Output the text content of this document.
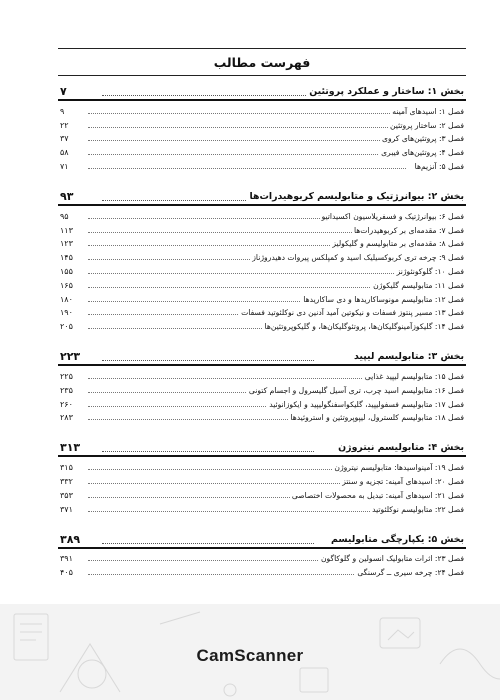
فهرست مطالب
بخش ۱: ساختار و عملکرد پروتئین
۷
فصل ۱: اسیدهای آمینه
۹
فصل ۲: ساختار پروتئین
۲۲
فصل ۳: پروتئین‌های کروی
۳۷
فصل ۴: پروتئین‌های فیبری
۵۸
فصل ۵: آنزیم‌ها
۷۱
بخش ۲: بیوانرژتیک و متابولیسم کربوهیدرات‌ها
۹۳
فصل ۶: بیوانرژتیک و فسفریلاسیون اکسیداتیو
۹۵
فصل ۷: مقدمه‌ای بر کربوهیدرات‌ها
۱۱۳
فصل ۸: مقدمه‌ای بر متابولیسم و گلیکولیز
۱۲۳
فصل ۹: چرخه تری کربوکسیلیک اسید و کمپلکس پیروات دهیدروژناز
۱۴۵
فصل ۱۰: گلوکونئوژنز
۱۵۵
فصل ۱۱: متابولیسم گلیکوژن
۱۶۵
فصل ۱۲: متابولیسم مونوساکاریدها و دی ساکاریدها
۱۸۰
فصل ۱۳: مسیر پنتوز فسفات و نیکوتین آمید آدنین دی نوکلئوتید فسفات
۱۹۰
فصل ۱۴: گلیکوزآمینوگلیکان‌ها، پروتئوگلیکان‌ها، و گلیکوپروتئین‌ها
۲۰۵
بخش ۳: متابولیسم لیپید
۲۲۳
فصل ۱۵: متابولیسم لیپید غذایی
۲۲۵
فصل ۱۶: متابولیسم اسید چرب، تری آسیل گلیسرول و اجسام کتونی
۲۳۵
فصل ۱۷: متابولیسم فسفولیپید، گلیکواسفنگولیپید و ایکوزانوئید
۲۶۰
فصل ۱۸: متابولیسم کلسترول، لیپوپروتئین و استروئیدها
۲۸۳
بخش ۴: متابولیسم نیتروژن
۳۱۳
فصل ۱۹: آمینواسیدها: متابولیسم نیتروژن
۳۱۵
فصل ۲۰: اسیدهای آمینه: تجزیه و سنتز
۳۳۲
فصل ۲۱: اسیدهای آمینه: تبدیل به محصولات اختصاصی
۳۵۳
فصل ۲۲: متابولیسم نوکلئوتید
۳۷۱
بخش ۵: یکپارچگی متابولیسم
۳۸۹
فصل ۲۳: اثرات متابولیک انسولین و گلوکاگون
۳۹۱
فصل ۲۴: چرخه سیری ــ گرسنگی
۴۰۵
CamScanner
